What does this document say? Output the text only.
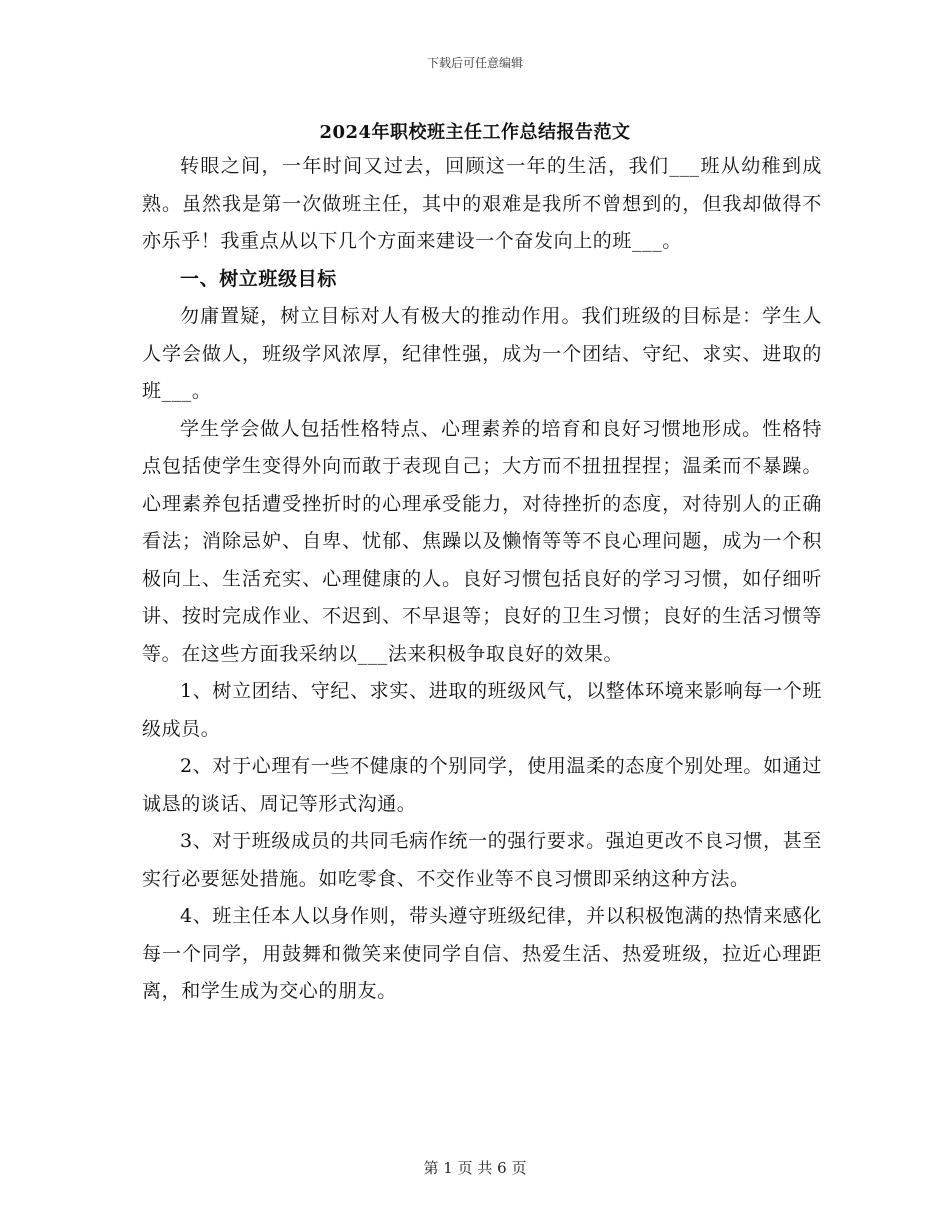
下载后可任意编辑
2024年职校班主任工作总结报告范文

转眼之间，一年时间又过去，回顾这一年的生活，我们___班从幼稚到成熟。虽然我是第一次做班主任，其中的艰难是我所不曾想到的，但我却做得不亦乐乎！我重点从以下几个方面来建设一个奋发向上的班___。

一、树立班级目标

勿庸置疑，树立目标对人有极大的推动作用。我们班级的目标是：学生人人学会做人，班级学风浓厚，纪律性强，成为一个团结、守纪、求实、进取的班___。

学生学会做人包括性格特点、心理素养的培育和良好习惯地形成。性格特点包括使学生变得外向而敢于表现自己；大方而不扭扭捏捏；温柔而不暴躁。心理素养包括遭受挫折时的心理承受能力，对待挫折的态度，对待别人的正确看法；消除忌妒、自卑、忧郁、焦躁以及懒惰等等不良心理问题，成为一个积极向上、生活充实、心理健康的人。良好习惯包括良好的学习习惯，如仔细听讲、按时完成作业、不迟到、不早退等；良好的卫生习惯；良好的生活习惯等等。在这些方面我采纳以___法来积极争取良好的效果。

1、树立团结、守纪、求实、进取的班级风气，以整体环境来影响每一个班级成员。

2、对于心理有一些不健康的个别同学，使用温柔的态度个别处理。如通过诚恳的谈话、周记等形式沟通。

3、对于班级成员的共同毛病作统一的强行要求。强迫更改不良习惯，甚至实行必要惩处措施。如吃零食、不交作业等不良习惯即采纳这种方法。

4、班主任本人以身作则，带头遵守班级纪律，并以积极饱满的热情来感化每一个同学，用鼓舞和微笑来使同学自信、热爱生活、热爱班级，拉近心理距离，和学生成为交心的朋友。

第 1 页 共 6 页
